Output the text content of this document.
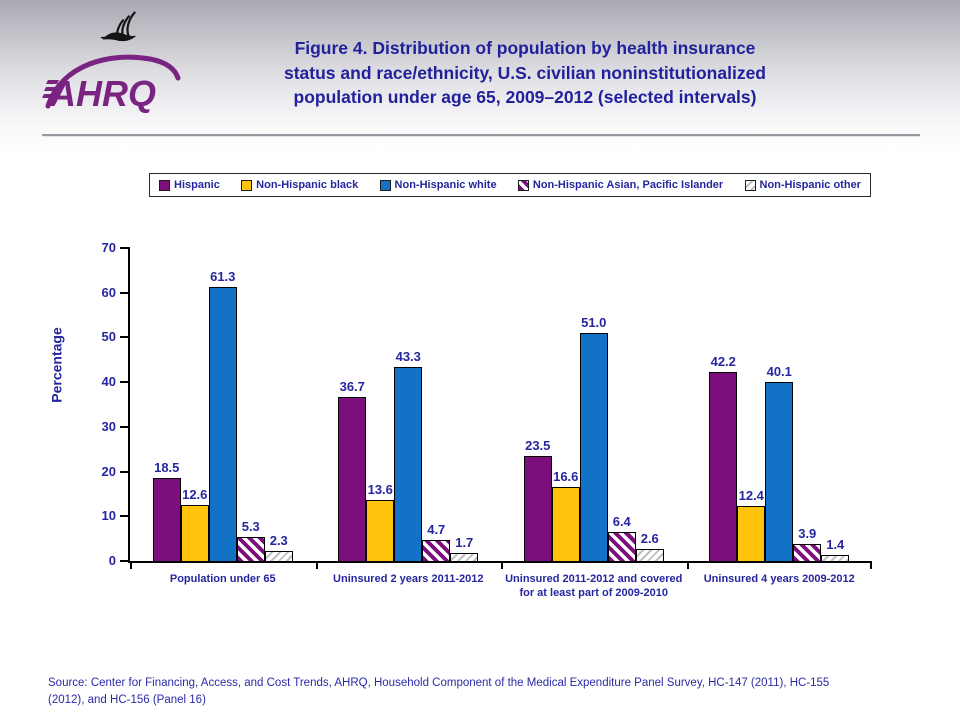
AHRQ
Figure 4. Distribution of population by health insurance
status and race/ethnicity, U.S. civilian noninstitutionalized
population under age 65, 2009–2012 (selected intervals)
Hispanic	Non-Hispanic black	Non-Hispanic white	Non-Hispanic Asian, Pacific Islander	Non-Hispanic other
Percentage
0
10
20
30
40
50
60
70
18.5
12.6
61.3
5.3
2.3
36.7
13.6
43.3
4.7
1.7
23.5
16.6
51.0
6.4
2.6
42.2
12.4
40.1
3.9
1.4
Source: Center for Financing, Access, and Cost Trends, AHRQ, Household Component of the Medical Expenditure Panel Survey, HC-147 (2011), HC-155
(2012), and HC-156 (Panel 16)
Population under 65	Uninsured 2 years 2011-2012	Uninsured 2011-2012 and covered for at least part of 2009-2010
Uninsured 4 years 2009-2012
